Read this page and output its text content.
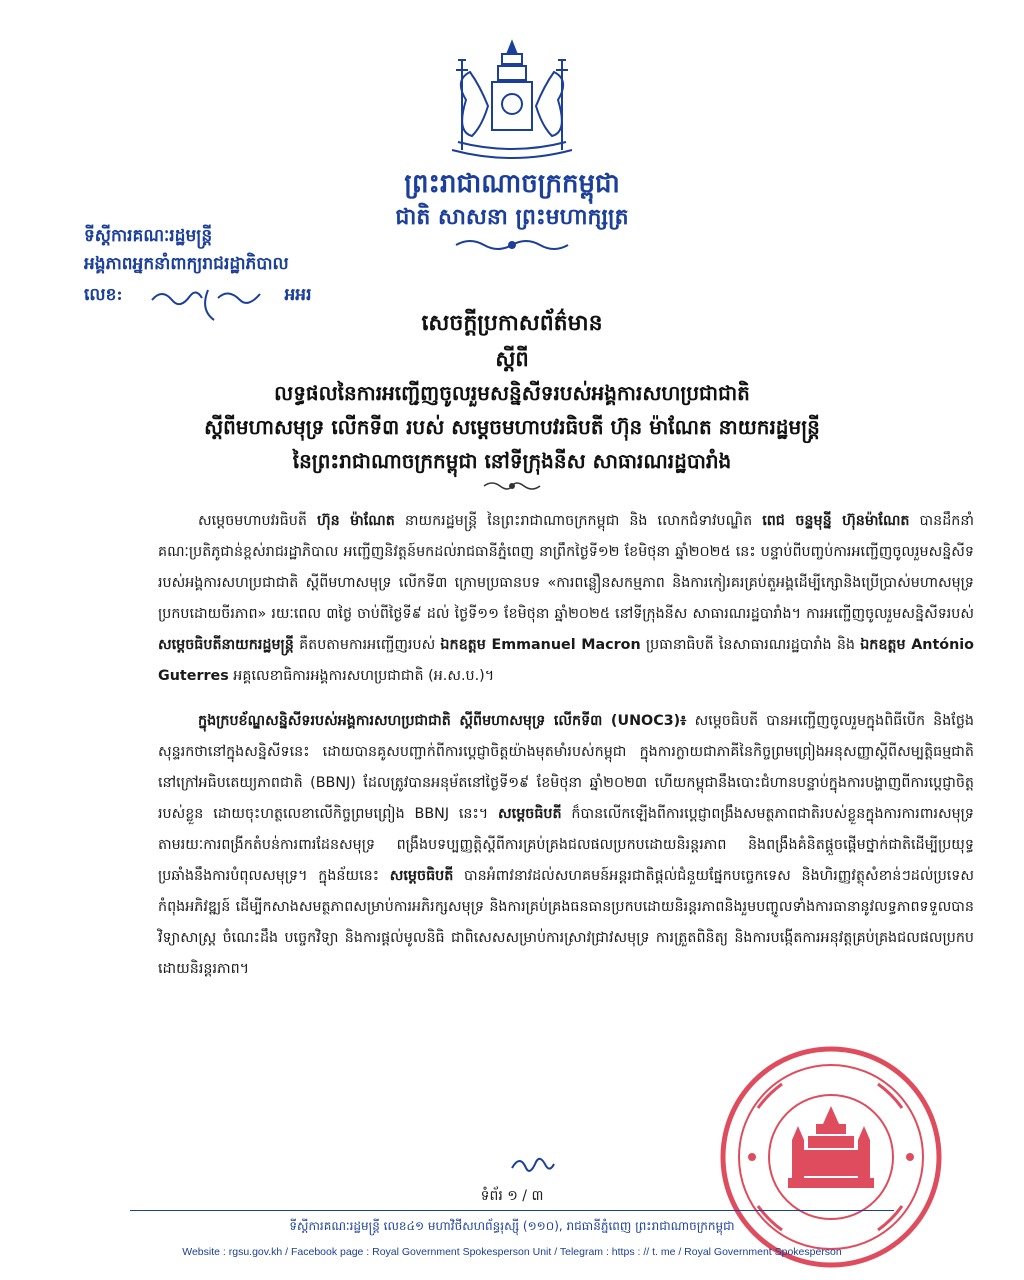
ព្រះរាជាណាចក្រកម្ពុជា
ជាតិ សាសនា ព្រះមហាក្សត្រ
ទីស្តីការគណៈរដ្ឋមន្ត្រី
អង្គភាពអ្នកនាំពាក្យរាជរដ្ឋាភិបាល
លេខ:	អអរ
សេចក្តីប្រកាសព័ត៌មាន
ស្តីពី
លទ្ធផលនៃការអញ្ជើញចូលរួមសន្និសីទរបស់អង្គការសហប្រជាជាតិ
ស្តីពីមហាសមុទ្រ លើកទី៣ របស់ សម្តេចមហាបវរធិបតី ហ៊ុន ម៉ាណែត នាយករដ្ឋមន្ត្រី
នៃព្រះរាជាណាចក្រកម្ពុជា នៅទីក្រុងនីស សាធារណរដ្ឋបារាំង

សម្តេចមហាបវរធិបតី ហ៊ុន ម៉ាណែត នាយករដ្ឋមន្ត្រី នៃព្រះរាជាណាចក្រកម្ពុជា និង លោកជំទាវបណ្ឌិត ពេជ ចន្ទមុន្នី ហ៊ុនម៉ាណែត បានដឹកនាំគណៈប្រតិភូជាន់ខ្ពស់រាជរដ្ឋាភិបាល អញ្ជើញនិវត្តន៍មកដល់រាជធានីភ្នំពេញ នាព្រឹកថ្ងៃទី១២ ខែមិថុនា ឆ្នាំ២០២៥ នេះ បន្ទាប់ពីបញ្ចប់ការអញ្ជើញចូលរួមសន្និសីទរបស់អង្គការសហប្រជាជាតិ ស្តីពីមហាសមុទ្រ លើកទី៣ ក្រោមប្រធានបទ «ការពន្លឿនសកម្មភាព និងការកៀរគរគ្រប់តួអង្គដើម្បីក្សោនិងប្រើប្រាស់មហាសមុទ្រប្រកបដោយចីរភាព» រយៈពេល ៣ថ្ងៃ ចាប់ពីថ្ងៃទី៩ ដល់ ថ្ងៃទី១១ ខែមិថុនា ឆ្នាំ២០២៥ នៅទីក្រុងនីស សាធារណរដ្ឋបារាំង។ ការអញ្ជើញចូលរួមសន្និសីទរបស់ សម្តេចធិបតីនាយករដ្ឋមន្ត្រី គឺតបតាមការអញ្ជើញរបស់ ឯកឧត្តម Emmanuel Macron ប្រធានាធិបតី នៃសាធារណរដ្ឋបារាំង និង ឯកឧត្តម António Guterres អគ្គលេខាធិការអង្គការសហប្រជាជាតិ (អ.ស.ប.)។

ក្នុងក្របខ័ណ្ឌសន្និសីទរបស់អង្គការសហប្រជាជាតិ ស្តីពីមហាសមុទ្រ លើកទី៣ (UNOC3)៖ សម្តេចធិបតី បានអញ្ជើញចូលរួមក្នុងពិធីបើក និងថ្លែងសុន្ទរកថានៅក្នុងសន្និសីទនេះ ដោយបានគូសបញ្ជាក់ពីការប្តេជ្ញាចិត្តយ៉ាងមុតមាំរបស់កម្ពុជា ក្នុងការក្លាយជាភាគីនៃកិច្ចព្រមព្រៀងអនុសញ្ញាស្តីពីសម្បត្តិធម្មជាតិនៅក្រៅអធិបតេយ្យភាពជាតិ (BBNJ) ដែលត្រូវបានអនុម័តនៅថ្ងៃទី១៩ ខែមិថុនា ឆ្នាំ២០២៣ ហើយកម្ពុជានឹងបោះជំហានបន្ទាប់ក្នុងការបង្ហាញពីការប្តេជ្ញាចិត្តរបស់ខ្លួន ដោយចុះហត្ថលេខាលើកិច្ចព្រមព្រៀង BBNJ នេះ។ សម្តេចធិបតី ក៏បានលើកឡើងពីការប្តេជ្ញាពង្រឹងសមត្ថភាពជាតិរបស់ខ្លួនក្នុងការការពារសមុទ្រ តាមរយៈការពង្រីកតំបន់ការពារដែនសមុទ្រ ពង្រឹងបទប្បញ្ញត្តិស្តីពីការគ្រប់គ្រងជលផលប្រកបដោយនិរន្តរភាព និងពង្រឹងគំនិតផ្តួចផ្តើមថ្នាក់ជាតិដើម្បីប្រយុទ្ធប្រឆាំងនឹងការបំពុលសមុទ្រ។ ក្នុងន័យនេះ សម្តេចធិបតី បានអំពាវនាវដល់សហគមន៍អន្តរជាតិផ្តល់ជំនួយផ្នែកបច្ចេកទេស និងហិរញ្ញវត្ថុសំខាន់ៗដល់ប្រទេសកំពុងអភិវឌ្ឍន៍ ដើម្បីកសាងសមត្ថភាពសម្រាប់ការអភិរក្សសមុទ្រ និងការគ្រប់គ្រងធនធានប្រកបដោយនិរន្តរភាពនិងរួមបញ្ចូលទាំងការធានានូវលទ្ធភាពទទួលបានវិទ្យាសាស្ត្រ ចំណេះដឹង បច្ចេកវិទ្យា និងការផ្តល់មូលនិធិ ជាពិសេសសម្រាប់ការស្រាវជ្រាវសមុទ្រ ការត្រួតពិនិត្យ និងការបង្កើតការអនុវត្តគ្រប់គ្រងជលផលប្រកបដោយនិរន្តរភាព។

ទំព័រ ១ / ៣
ទីស្តីការគណៈរដ្ឋមន្ត្រី លេខ៤១ មហាវិថីសហព័ន្ធរុស្ស៊ី (១១០), រាជធានីភ្នំពេញ ព្រះរាជាណាចក្រកម្ពុជា
Website : rgsu.gov.kh / Facebook page : Royal Government Spokesperson Unit / Telegram : https : // t. me / Royal Government Spokesperson
